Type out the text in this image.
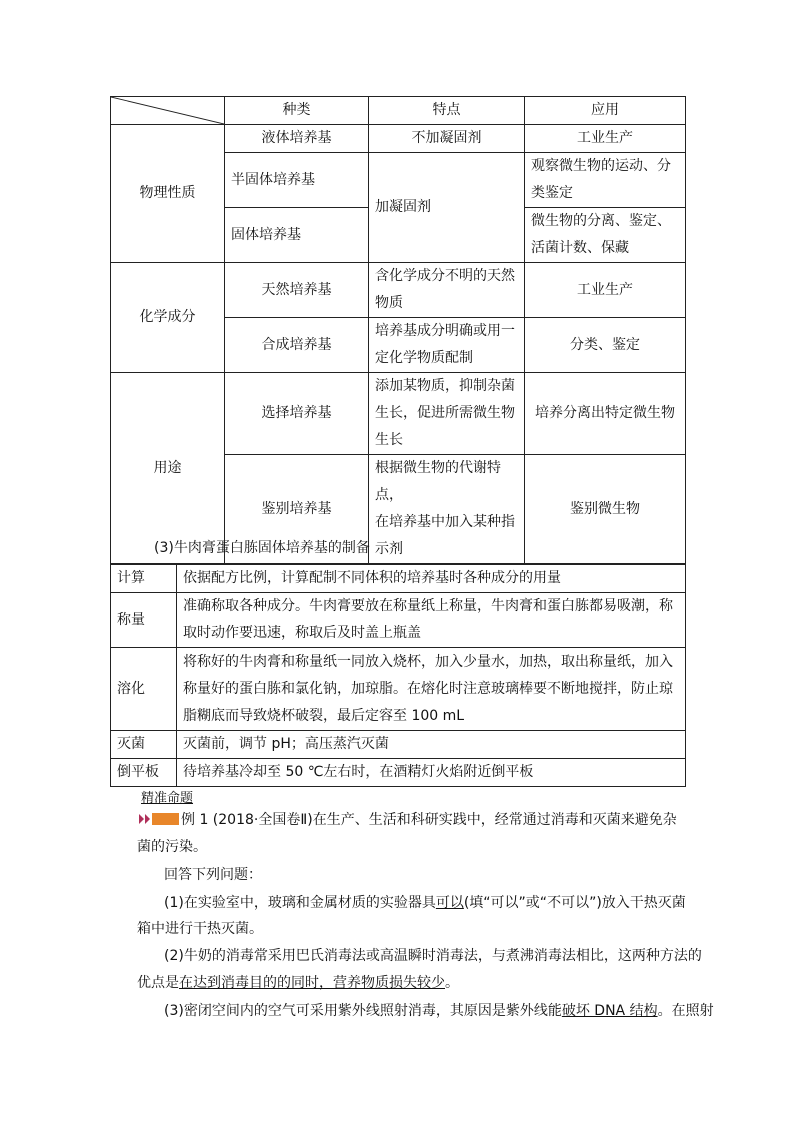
	种类	特点	应用
物理性质	液体培养基	不加凝固剂	工业生产
	半固体培养基	加凝固剂	观察微生物的运动、分
类鉴定

	固体培养基		微生物的分离、鉴定、
活菌计数、保藏

化学成分	天然培养基	含化学成分不明的天然
物质	工业生产
	合成培养基	培养基成分明确或用一
定化学物质配制	分类、鉴定
用途	选择培养基	添加某物质，抑制杂菌
生长，促进所需微生物
生长	培养分离出特定微生物
	鉴别培养基	根据微生物的代谢特点，
在培养基中加入某种指
示剂	鉴别微生物
(3)牛肉膏蛋白胨固体培养基的制备
计算	依据配方比例，计算配制不同体积的培养基时各种成分的用量
称量	准确称取各种成分。牛肉膏要放在称量纸上称量，牛肉膏和蛋白胨都易吸潮，称
取时动作要迅速，称取后及时盖上瓶盖

溶化	将称好的牛肉膏和称量纸一同放入烧杯，加入少量水，加热，取出称量纸，加入
称量好的蛋白胨和氯化钠，加琼脂。在熔化时注意玻璃棒要不断地搅拌，防止琼
脂糊底而导致烧杯破裂，最后定容至 100 mL

灭菌	灭菌前，调节 pH；高压蒸汽灭菌
倒平板	待培养基冷却至 50 ℃左右时，在酒精灯火焰附近倒平板
精准命题
例 1 (2018·全国卷Ⅱ)在生产、生活和科研实践中，经常通过消毒和灭菌来避免杂
菌的污染。
回答下列问题：
(1)在实验室中，玻璃和金属材质的实验器具可以(填“可以”或“不可以”)放入干热灭菌
箱中进行干热灭菌。
(2)牛奶的消毒常采用巴氏消毒法或高温瞬时消毒法，与煮沸消毒法相比，这两种方法的
优点是在达到消毒目的的同时，营养物质损失较少。
(3)密闭空间内的空气可采用紫外线照射消毒，其原因是紫外线能破坏 DNA 结构。在照射
